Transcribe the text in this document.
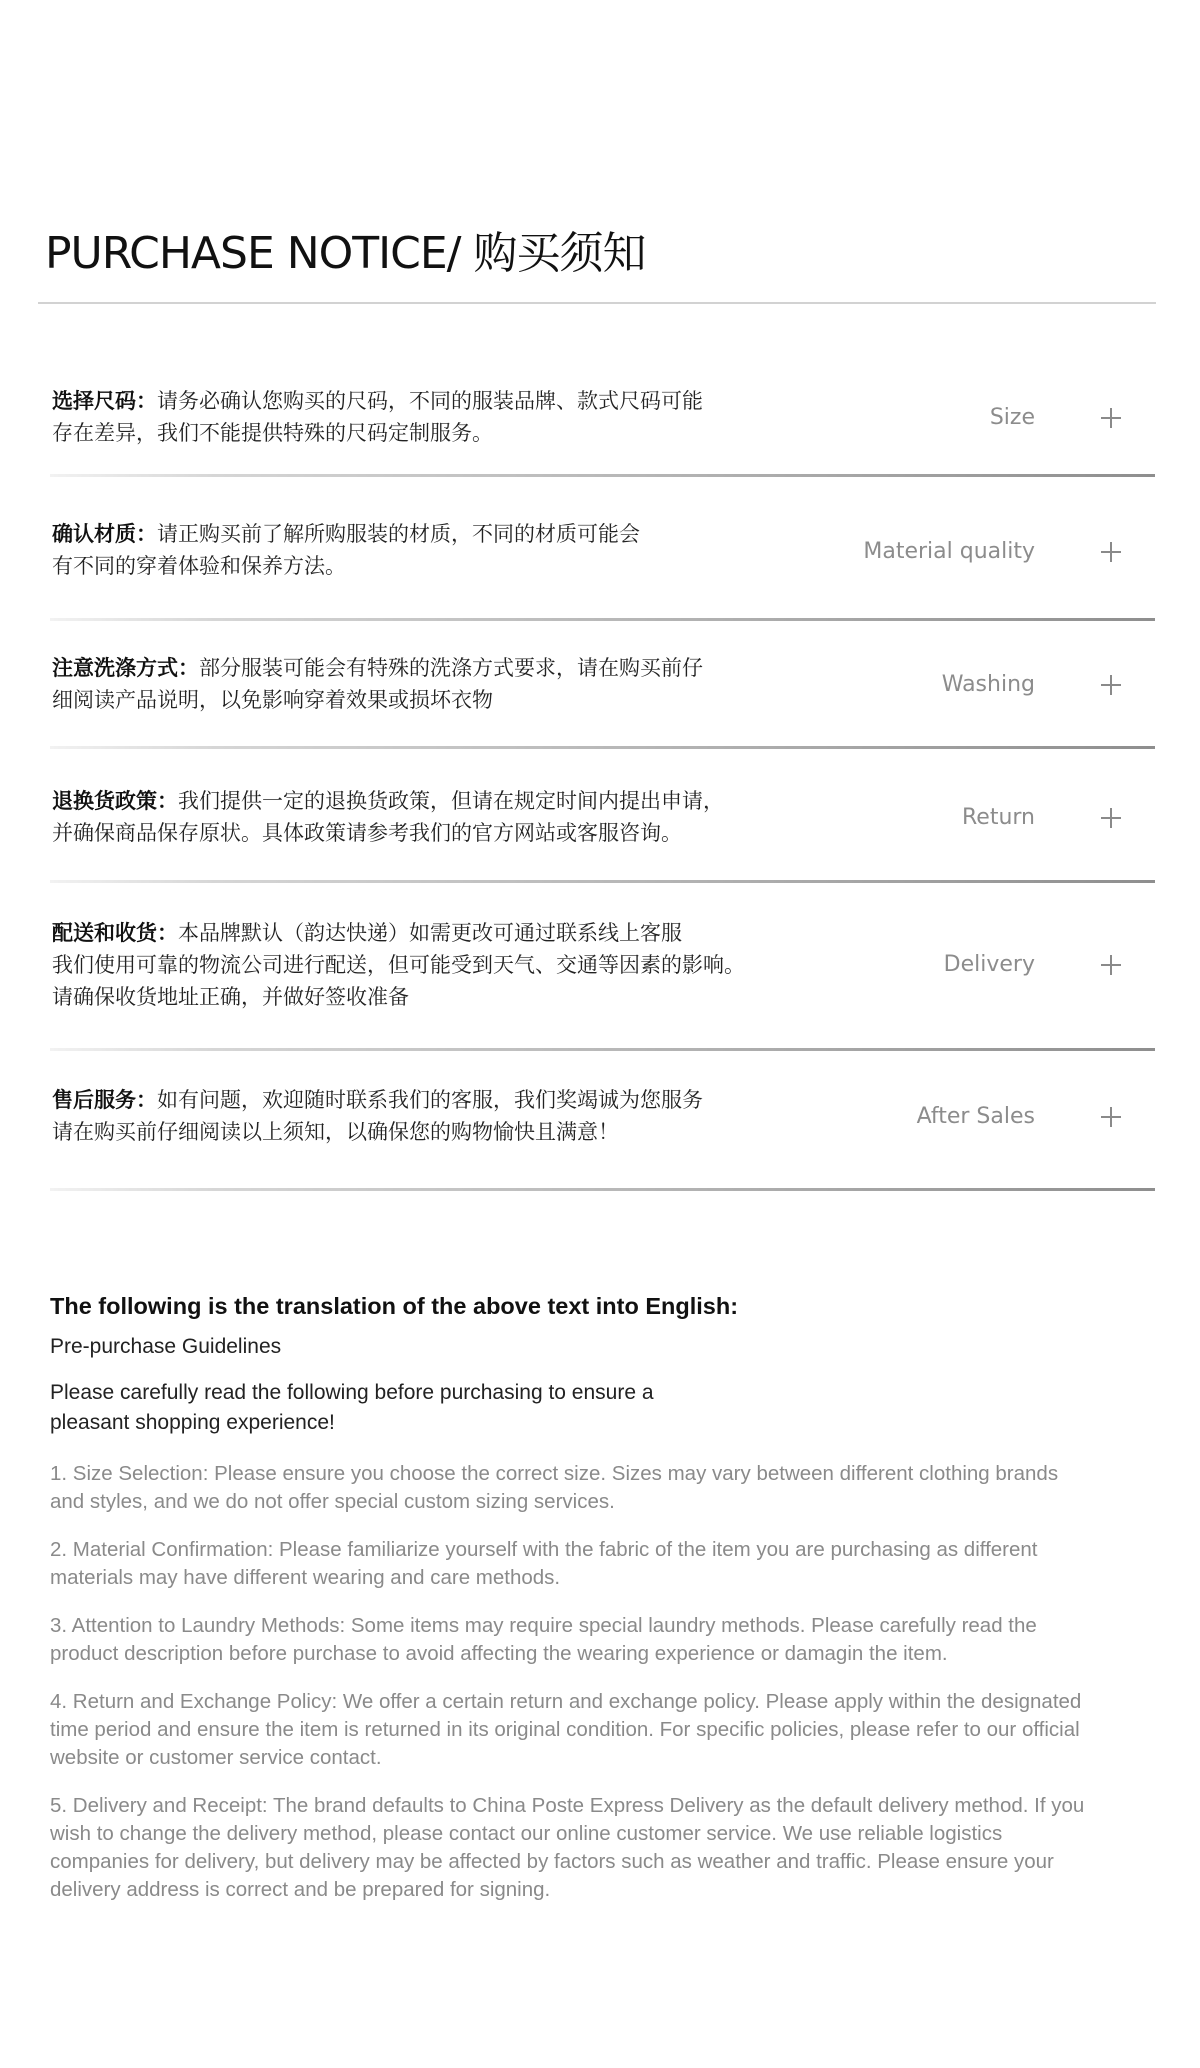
PURCHASE NOTICE/ 购买须知
选择尺码：请务必确认您购买的尺码，不同的服装品牌、款式尺码可能
存在差异，我们不能提供特殊的尺码定制服务。
Size
确认材质：请正购买前了解所购服装的材质，不同的材质可能会
有不同的穿着体验和保养方法。
Material quality
注意洗涤方式：部分服装可能会有特殊的洗涤方式要求，请在购买前仔
细阅读产品说明，以免影响穿着效果或损坏衣物
Washing
退换货政策：我们提供一定的退换货政策，但请在规定时间内提出申请，
并确保商品保存原状。具体政策请参考我们的官方网站或客服咨询。
Return
配送和收货：本品牌默认（韵达快递）如需更改可通过联系线上客服
我们使用可靠的物流公司进行配送，但可能受到天气、交通等因素的影响。
请确保收货地址正确，并做好签收准备
Delivery
售后服务：如有问题，欢迎随时联系我们的客服，我们奖竭诚为您服务
请在购买前仔细阅读以上须知，以确保您的购物愉快且满意！
After Sales
The following is the translation of the above text into English:
Pre-purchase Guidelines
Please carefully read the following before purchasing to ensure a pleasant shopping experience!
1. Size Selection: Please ensure you choose the correct size. Sizes may vary between different clothing brands and styles, and we do not offer special custom sizing services.
2. Material Confirmation: Please familiarize yourself with the fabric of the item you are purchasing as different materials may have different wearing and care methods.
3. Attention to Laundry Methods: Some items may require special laundry methods. Please carefully read the product description before purchase to avoid affecting the wearing experience or damagin the item.
4. Return and Exchange Policy: We offer a certain return and exchange policy. Please apply within the designated time period and ensure the item is returned in its original condition. For specific policies, please refer to our official website or customer service contact.
5. Delivery and Receipt: The brand defaults to China Poste Express Delivery as the default delivery method. If you wish to change the delivery method, please contact our online customer service. We use reliable logistics companies for delivery, but delivery may be affected by factors such as weather and traffic. Please ensure your delivery address is correct and be prepared for signing.
